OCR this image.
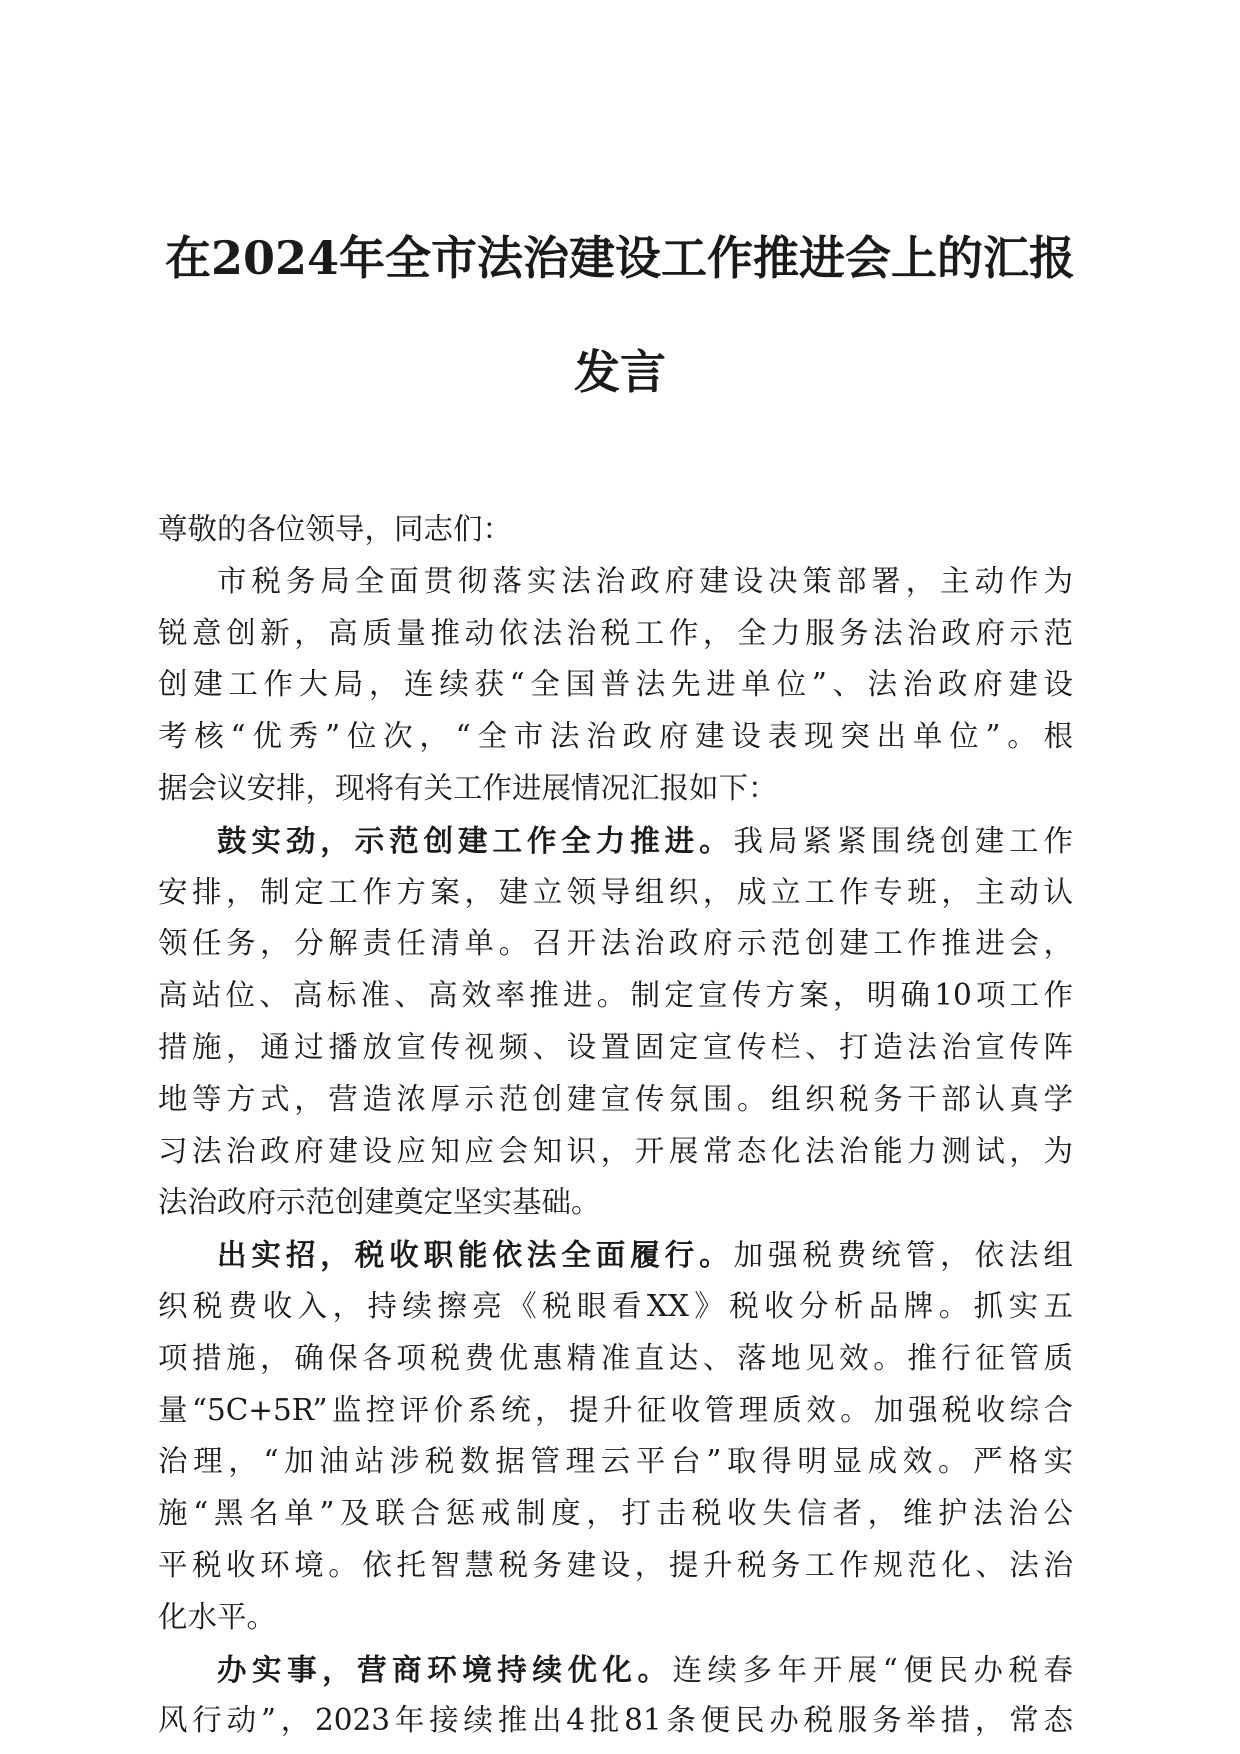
在2024年全市法治建设工作推进会上的汇报
发言
尊敬的各位领导，同志们：
市税务局全面贯彻落实法治政府建设决策部署，主动作为
锐意创新，高质量推动依法治税工作，全力服务法治政府示范
创建工作大局，连续获“全国普法先进单位”、法治政府建设
考核“优秀”位次，“全市法治政府建设表现突出单位”。根
据会议安排，现将有关工作进展情况汇报如下：
鼓实劲，示范创建工作全力推进。我局紧紧围绕创建工作
安排，制定工作方案，建立领导组织，成立工作专班，主动认
领任务，分解责任清单。召开法治政府示范创建工作推进会，
高站位、高标准、高效率推进。制定宣传方案，明确10项工作
措施，通过播放宣传视频、设置固定宣传栏、打造法治宣传阵
地等方式，营造浓厚示范创建宣传氛围。组织税务干部认真学
习法治政府建设应知应会知识，开展常态化法治能力测试，为
法治政府示范创建奠定坚实基础。
出实招，税收职能依法全面履行。加强税费统管，依法组
织税费收入，持续擦亮《税眼看XX》税收分析品牌。抓实五
项措施，确保各项税费优惠精准直达、落地见效。推行征管质
量“5C+5R”监控评价系统，提升征收管理质效。加强税收综合
治理，“加油站涉税数据管理云平台”取得明显成效。严格实
施“黑名单”及联合惩戒制度，打击税收失信者，维护法治公
平税收环境。依托智慧税务建设，提升税务工作规范化、法治
化水平。
办实事，营商环境持续优化。连续多年开展“便民办税春
风行动”，2023年接续推出4批81条便民办税服务举措，常态
